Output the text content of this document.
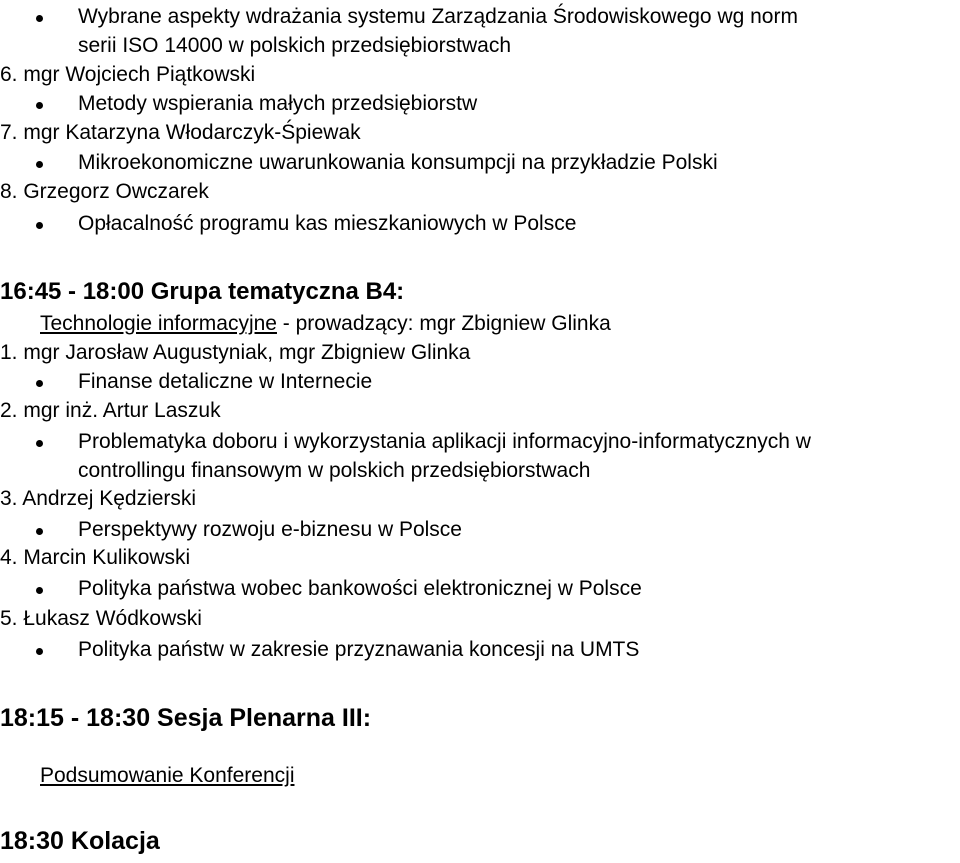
Wybrane aspekty wdrażania systemu Zarządzania Środowiskowego wg norm
serii ISO 14000 w polskich przedsiębiorstwach
6. mgr Wojciech Piątkowski
Metody wspierania małych przedsiębiorstw
7. mgr Katarzyna Włodarczyk-Śpiewak
Mikroekonomiczne uwarunkowania konsumpcji na przykładzie Polski
8. Grzegorz Owczarek
Opłacalność programu kas mieszkaniowych w Polsce
16:45 - 18:00 Grupa tematyczna B4:
Technologie informacyjne - prowadzący: mgr Zbigniew Glinka
1. mgr Jarosław Augustyniak, mgr Zbigniew Glinka
Finanse detaliczne w Internecie
2. mgr inż. Artur Laszuk
Problematyka doboru i wykorzystania aplikacji informacyjno-informatycznych w
controllingu finansowym w polskich przedsiębiorstwach
3. Andrzej Kędzierski
Perspektywy rozwoju e-biznesu w Polsce
4. Marcin Kulikowski
Polityka państwa wobec bankowości elektronicznej w Polsce
5. Łukasz Wódkowski
Polityka państw w zakresie przyznawania koncesji na UMTS
18:15 - 18:30 Sesja Plenarna III:
Podsumowanie Konferencji
18:30 Kolacja
